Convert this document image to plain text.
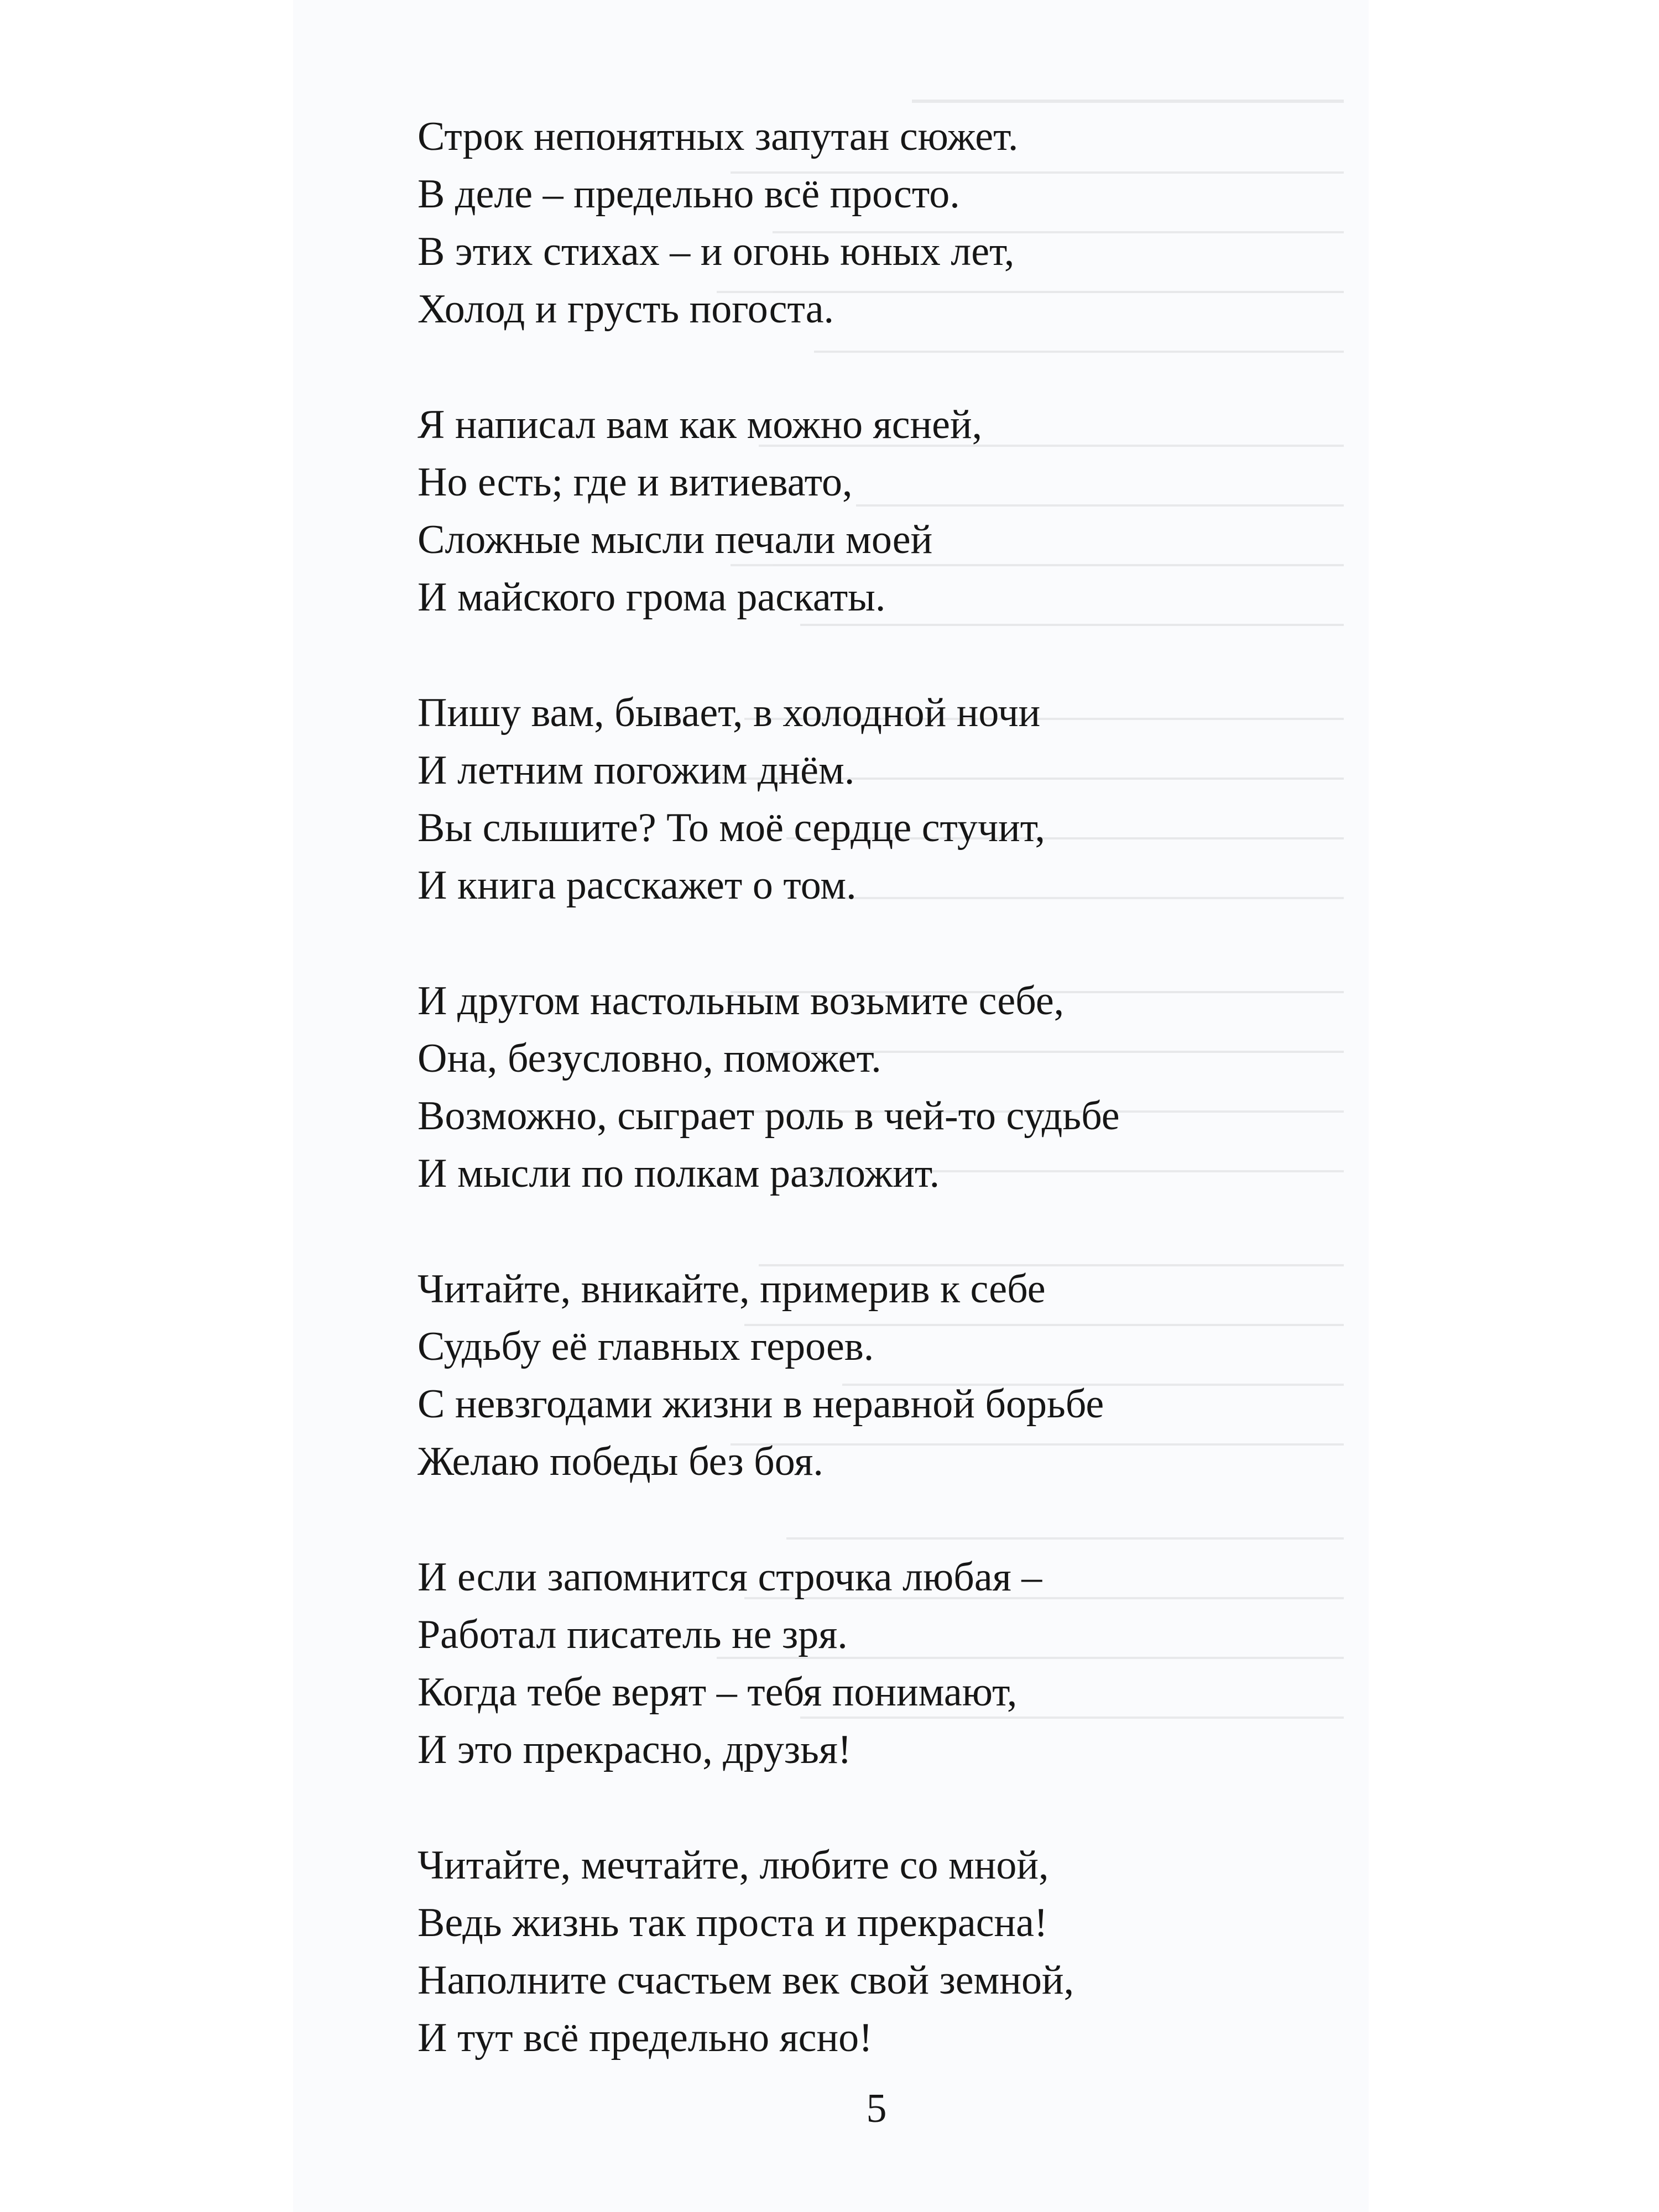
Строк непонятных запутан сюжет.
В деле – предельно всё просто.
В этих стихах – и огонь юных лет,
Холод и грусть погоста.
Я написал вам как можно ясней,
Но есть; где и витиевато,
Сложные мысли печали моей
И майского грома раскаты.
Пишу вам, бывает, в холодной ночи
И летним погожим днём.
Вы слышите? То моё сердце стучит,
И книга расскажет о том.
И другом настольным возьмите себе,
Она, безусловно, поможет.
Возможно, сыграет роль в чей-то судьбе
И мысли по полкам разложит.
Читайте, вникайте, примерив к себе
Судьбу её главных героев.
С невзгодами жизни в неравной борьбе
Желаю победы без боя.
И если запомнится строчка любая –
Работал писатель не зря.
Когда тебе верят – тебя понимают,
И это прекрасно, друзья!
Читайте, мечтайте, любите со мной,
Ведь жизнь так проста и прекрасна!
Наполните счастьем век свой земной,
И тут всё предельно ясно!
5
